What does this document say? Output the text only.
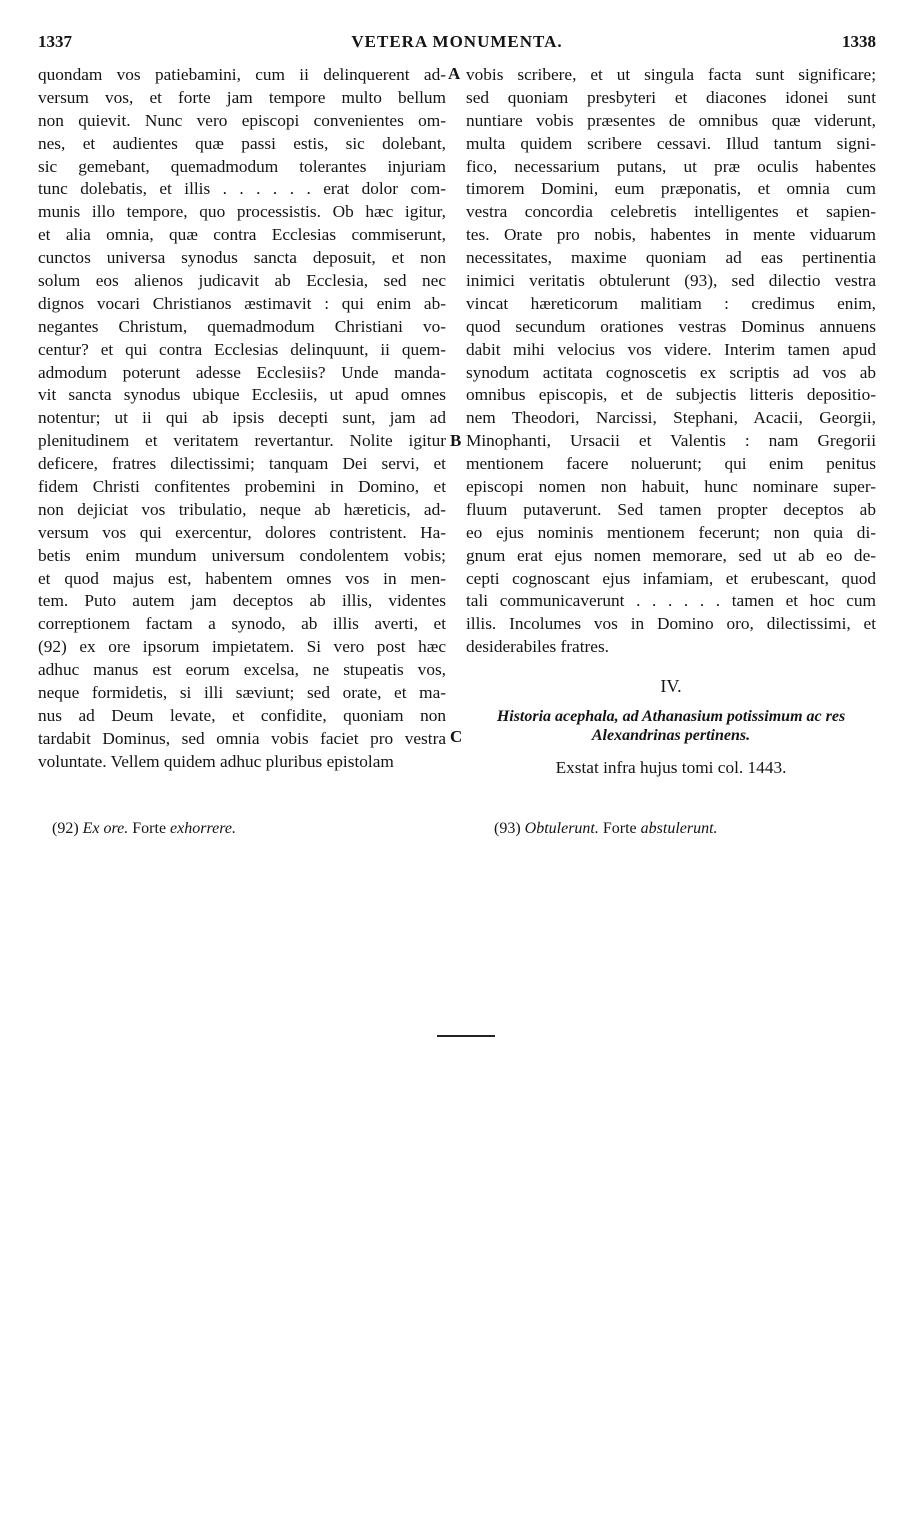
1337	VETERA MONUMENTA.	1338
quondam vos patiebamini, cum ii delinquerent ad-
versum vos, et forte jam tempore multo bellum
non quievit. Nunc vero episcopi convenientes om-
nes, et audientes quæ passi estis, sic dolebant,
sic gemebant, quemadmodum tolerantes injuriam
tunc dolebatis, et illis . . . . . . erat dolor com-
munis illo tempore, quo processistis. Ob hæc igitur,
et alia omnia, quæ contra Ecclesias commiserunt,
cunctos universa synodus sancta deposuit, et non
solum eos alienos judicavit ab Ecclesia, sed nec
dignos vocari Christianos æstimavit : qui enim ab-
negantes Christum, quemadmodum Christiani vo-
centur? et qui contra Ecclesias delinquunt, ii quem-
admodum poterunt adesse Ecclesiis? Unde manda-
vit sancta synodus ubique Ecclesiis, ut apud omnes
notentur; ut ii qui ab ipsis decepti sunt, jam ad
plenitudinem et veritatem revertantur. Nolite igitur
deficere, fratres dilectissimi; tanquam Dei servi, et
fidem Christi confitentes probemini in Domino, et
non dejiciat vos tribulatio, neque ab hæreticis, ad-
versum vos qui exercentur, dolores contristent. Ha-
betis enim mundum universum condolentem vobis;
et quod majus est, habentem omnes vos in men-
tem. Puto autem jam deceptos ab illis, videntes
correptionem factam a synodo, ab illis averti, et
(92) ex ore ipsorum impietatem. Si vero post hæc
adhuc manus est eorum excelsa, ne stupeatis vos,
neque formidetis, si illi sæviunt; sed orate, et ma-
nus ad Deum levate, et confidite, quoniam non
tardabit Dominus, sed omnia vobis faciet pro vestra
voluntate. Vellem quidem adhuc pluribus epistolam
A
B
C
vobis scribere, et ut singula facta sunt significare;
sed quoniam presbyteri et diacones idonei sunt
nuntiare vobis præsentes de omnibus quæ viderunt,
multa quidem scribere cessavi. Illud tantum signi-
fico, necessarium putans, ut præ oculis habentes
timorem Domini, eum præponatis, et omnia cum
vestra concordia celebretis intelligentes et sapien-
tes. Orate pro nobis, habentes in mente viduarum
necessitates, maxime quoniam ad eas pertinentia
inimici veritatis obtulerunt (93), sed dilectio vestra
vincat hæreticorum malitiam : credimus enim,
quod secundum orationes vestras Dominus annuens
dabit mihi velocius vos videre. Interim tamen apud
synodum actitata cognoscetis ex scriptis ad vos ab
omnibus episcopis, et de subjectis litteris depositio-
nem Theodori, Narcissi, Stephani, Acacii, Georgii,
Minophanti, Ursacii et Valentis : nam Gregorii
mentionem facere noluerunt; qui enim penitus
episcopi nomen non habuit, hunc nominare super-
fluum putaverunt. Sed tamen propter deceptos ab
eo ejus nominis mentionem fecerunt; non quia di-
gnum erat ejus nomen memorare, sed ut ab eo de-
cepti cognoscant ejus infamiam, et erubescant, quod
tali communicaverunt . . . . . . tamen et hoc cum
illis. Incolumes vos in Domino oro, dilectissimi, et
desiderabiles fratres.
IV.
Historia acephala, ad Athanasium potissimum ac res
Alexandrinas pertinens.
Exstat infra hujus tomi col. 1443.
(92) Ex ore. Forte exhorrere.	(93) Obtulerunt. Forte abstulerunt.
